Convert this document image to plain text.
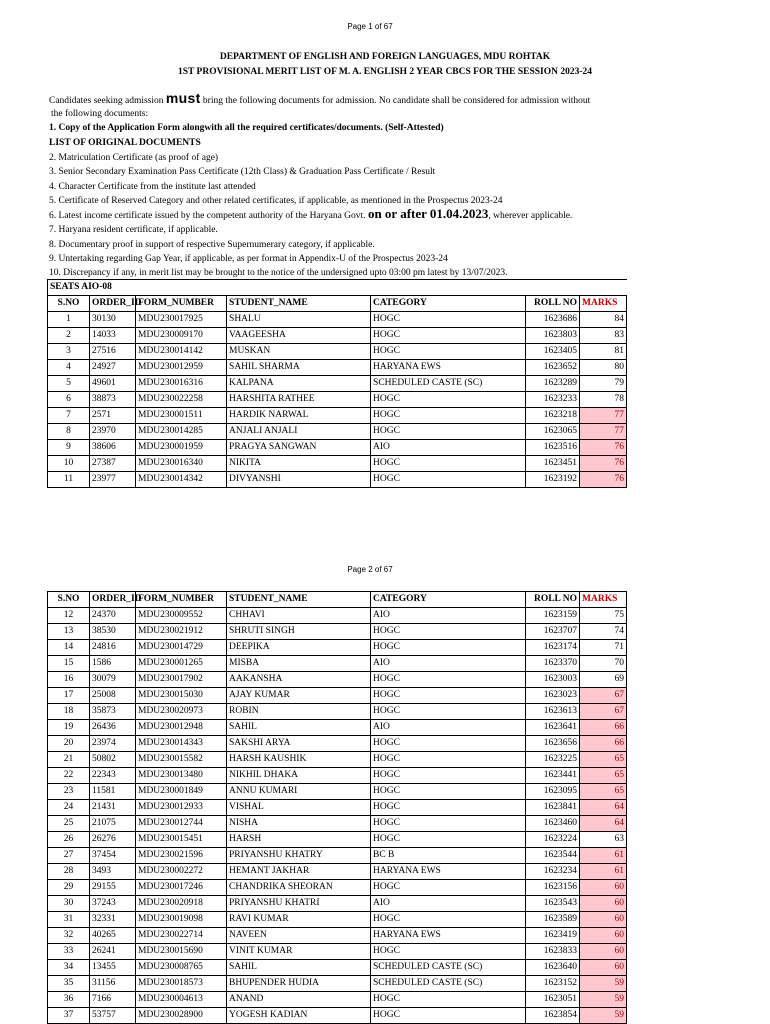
Page 1 of 67
DEPARTMENT OF ENGLISH AND FOREIGN LANGUAGES, MDU ROHTAK
1ST PROVISIONAL MERIT LIST OF M. A. ENGLISH 2 YEAR CBCS FOR THE SESSION 2023-24
Candidates seeking admission must bring the following documents for admission. No candidate shall be considered for admission without
the following documents:
1. Copy of the Application Form alongwith all the required certificates/documents. (Self-Attested)
LIST OF ORIGINAL DOCUMENTS
2. Matriculation Certificate (as proof of age)
3. Senior Secondary Examination Pass Certificate (12th Class) & Graduation Pass Certificate / Result
4. Character Certificate from the institute last attended
5. Certificate of Reserved Category and other related certificates, if applicable, as mentioned in the Prospectus 2023-24
6. Latest income certificate issued by the competent authority of the Haryana Govt. on or after 01.04.2023, wherever applicable.
7. Haryana resident certificate, if applicable.
8. Documentary proof in support of respective Supernumerary category, if applicable.
9. Untertaking regarding Gap Year, if applicable, as per format in Appendix-U of the Prospectus 2023-24
10. Discrepancy if any, in merit list may be brought to the notice of the undersigned upto 03:00 pm latest by 13/07/2023.
SEATS AIO-08						
S.NO	ORDER_ID	FORM_NUMBER	STUDENT_NAME	CATEGORY	ROLL NO	MARKS
1	30130	MDU230017925	SHALU	HOGC	1623686	84
2	14033	MDU230009170	VAAGEESHA	HOGC	1623803	83
3	27516	MDU230014142	MUSKAN	HOGC	1623405	81
4	24927	MDU230012959	SAHIL SHARMA	HARYANA EWS	1623652	80
5	49601	MDU230016316	KALPANA	SCHEDULED CASTE (SC)	1623289	79
6	38873	MDU230022258	HARSHITA RATHEE	HOGC	1623233	78
7	2571	MDU230001511	HARDIK NARWAL	HOGC	1623218	77
8	23970	MDU230014285	ANJALI ANJALI	HOGC	1623065	77
9	38606	MDU230001959	PRAGYA SANGWAN	AIO	1623516	76
10	27387	MDU230016340	NIKITA	HOGC	1623451	76
11	23977	MDU230014342	DIVYANSHI	HOGC	1623192	76
Page 2 of 67
S.NO	ORDER_ID	FORM_NUMBER	STUDENT_NAME	CATEGORY	ROLL NO	MARKS
12	24370	MDU230009552	CHHAVI	AIO	1623159	75
13	38530	MDU230021912	SHRUTI SINGH	HOGC	1623707	74
14	24816	MDU230014729	DEEPIKA	HOGC	1623174	71
15	1586	MDU230001265	MISBA	AIO	1623370	70
16	30079	MDU230017902	AAKANSHA	HOGC	1623003	69
17	25008	MDU230015030	AJAY KUMAR	HOGC	1623023	67
18	35873	MDU230020973	ROBIN	HOGC	1623613	67
19	26436	MDU230012948	SAHIL	AIO	1623641	66
20	23974	MDU230014343	SAKSHI ARYA	HOGC	1623656	66
21	50802	MDU230015582	HARSH KAUSHIK	HOGC	1623225	65
22	22343	MDU230013480	NIKHIL DHAKA	HOGC	1623441	65
23	11581	MDU230001849	ANNU KUMARI	HOGC	1623095	65
24	21431	MDU230012933	VISHAL	HOGC	1623841	64
25	21075	MDU230012744	NISHA	HOGC	1623460	64
26	26276	MDU230015451	HARSH	HOGC	1623224	63
27	37454	MDU230021596	PRIYANSHU KHATRY	BC B	1623544	61
28	3493	MDU230002272	HEMANT JAKHAR	HARYANA EWS	1623234	61
29	29155	MDU230017246	CHANDRIKA SHEORAN	HOGC	1623156	60
30	37243	MDU230020918	PRIYANSHU KHATRI	AIO	1623543	60
31	32331	MDU230019098	RAVI KUMAR	HOGC	1623589	60
32	40265	MDU230022714	NAVEEN	HARYANA EWS	1623419	60
33	26241	MDU230015690	VINIT KUMAR	HOGC	1623833	60
34	13455	MDU230008765	SAHIL	SCHEDULED CASTE (SC)	1623640	60
35	31156	MDU230018573	BHUPENDER HUDIA	SCHEDULED CASTE (SC)	1623152	59
36	7166	MDU230004613	ANAND	HOGC	1623051	59
37	53757	MDU230028900	YOGESH KADIAN	HOGC	1623854	59
